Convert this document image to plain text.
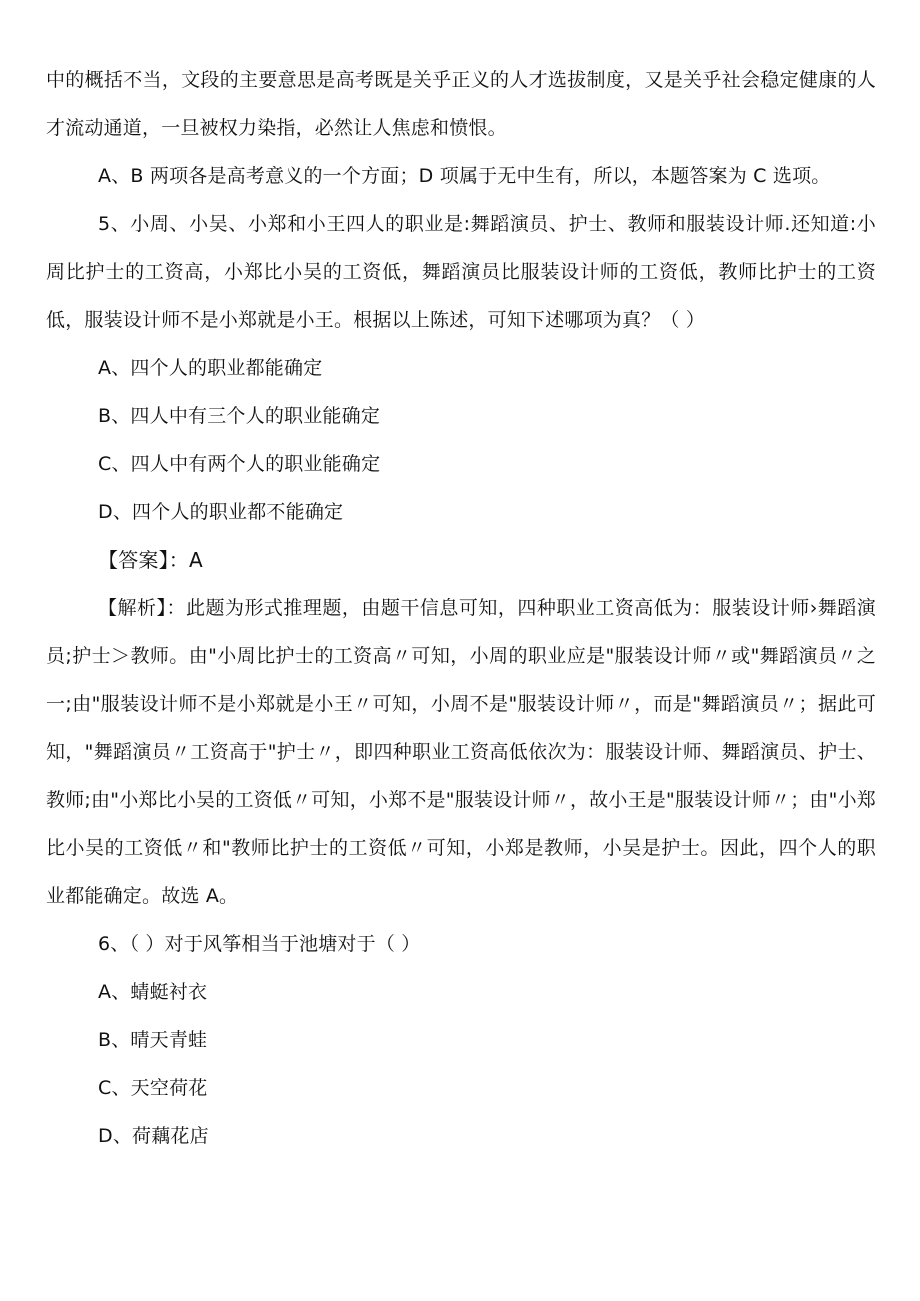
中的概括不当，文段的主要意思是高考既是关乎正义的人才选拔制度，又是关乎社会稳定健康的人才流动通道，一旦被权力染指，必然让人焦虑和愤恨。

A、B 两项各是高考意义的一个方面；D 项属于无中生有，所以，本题答案为 C 选项。

5、小周、小吴、小郑和小王四人的职业是:舞蹈演员、护士、教师和服装设计师.还知道:小周比护士的工资高，小郑比小吴的工资低，舞蹈演员比服装设计师的工资低，教师比护士的工资低，服装设计师不是小郑就是小王。根据以上陈述，可知下述哪项为真？（ ）

A、四个人的职业都能确定

B、四人中有三个人的职业能确定

C、四人中有两个人的职业能确定

D、四个人的职业都不能确定

【答案】：A

【解析】：此题为形式推理题，由题干信息可知，四种职业工资高低为：服装设计师›舞蹈演员;护士＞教师。由"小周比护士的工资高〃可知，小周的职业应是"服装设计师〃或"舞蹈演员〃之一;由"服装设计师不是小郑就是小王〃可知，小周不是"服装设计师〃，而是"舞蹈演员〃；据此可知，"舞蹈演员〃工资高于"护士〃，即四种职业工资高低依次为：服装设计师、舞蹈演员、护士、教师;由"小郑比小吴的工资低〃可知，小郑不是"服装设计师〃，故小王是"服装设计师〃；由"小郑比小吴的工资低〃和"教师比护士的工资低〃可知，小郑是教师，小吴是护士。因此，四个人的职业都能确定。故选 A。

6、（ ）对于风筝相当于池塘对于（ ）

A、蜻蜓衬衣

B、晴天青蛙

C、天空荷花

D、荷藕花店
